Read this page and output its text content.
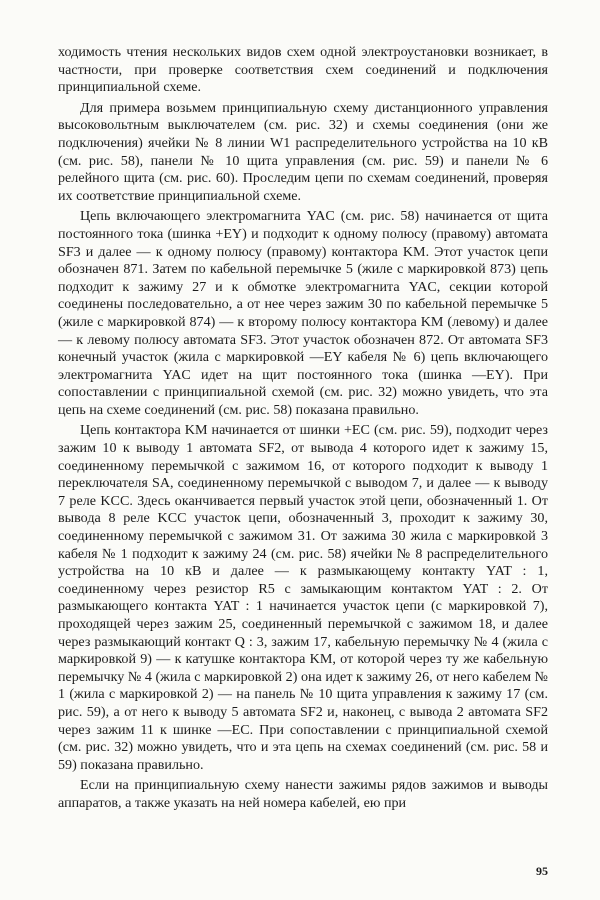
ходимость чтения нескольких видов схем одной электроустановки возникает, в частности, при проверке соответствия схем соединений и подключения принципиальной схеме.

Для примера возьмем принципиальную схему дистанционного управления высоковольтным выключателем (см. рис. 32) и схемы соединения (они же подключения) ячейки № 8 линии W1 распределительного устройства на 10 кВ (см. рис. 58), панели № 10 щита управления (см. рис. 59) и панели № 6 релейного щита (см. рис. 60). Проследим цепи по схемам соединений, проверяя их соответствие принципиальной схеме.

Цепь включающего электромагнита YAC (см. рис. 58) начинается от щита постоянного тока (шинка +EY) и подходит к одному полюсу (правому) автомата SF3 и далее — к одному полюсу (правому) контактора KM. Этот участок цепи обозначен 871. Затем по кабельной перемычке 5 (жиле с маркировкой 873) цепь подходит к зажиму 27 и к обмотке электромагнита YAC, секции которой соединены последовательно, а от нее через зажим 30 по кабельной перемычке 5 (жиле с маркировкой 874) — к второму полюсу контактора KM (левому) и далее — к левому полюсу автомата SF3. Этот участок обозначен 872. От автомата SF3 конечный участок (жила с маркировкой —EY кабеля № 6) цепь включающего электромагнита YAC идет на щит постоянного тока (шинка —EY). При сопоставлении с принципиальной схемой (см. рис. 32) можно увидеть, что эта цепь на схеме соединений (см. рис. 58) показана правильно.

Цепь контактора KM начинается от шинки +EC (см. рис. 59), подходит через зажим 10 к выводу 1 автомата SF2, от вывода 4 которого идет к зажиму 15, соединенному перемычкой с зажимом 16, от которого подходит к выводу 1 переключателя SA, соединенному перемычкой с выводом 7, и далее — к выводу 7 реле KCC. Здесь оканчивается первый участок этой цепи, обозначенный 1. От вывода 8 реле KCC участок цепи, обозначенный 3, проходит к зажиму 30, соединенному перемычкой с зажимом 31. От зажима 30 жила с маркировкой 3 кабеля № 1 подходит к зажиму 24 (см. рис. 58) ячейки № 8 распределительного устройства на 10 кВ и далее — к размыкающему контакту YAT : 1, соединенному через резистор R5 с замыкающим контактом YAT : 2. От размыкающего контакта YAT : 1 начинается участок цепи (с маркировкой 7), проходящей через зажим 25, соединенный перемычкой с зажимом 18, и далее через размыкающий контакт Q : 3, зажим 17, кабельную перемычку № 4 (жила с маркировкой 9) — к катушке контактора KM, от которой через ту же кабельную перемычку № 4 (жила с маркировкой 2) она идет к зажиму 26, от него кабелем № 1 (жила с маркировкой 2) — на панель № 10 щита управления к зажиму 17 (см. рис. 59), а от него к выводу 5 автомата SF2 и, наконец, с вывода 2 автомата SF2 через зажим 11 к шинке —EC. При сопоставлении с принципиальной схемой (см. рис. 32) можно увидеть, что и эта цепь на схемах соединений (см. рис. 58 и 59) показана правильно.

Если на принципиальную схему нанести зажимы рядов зажимов и выводы аппаратов, а также указать на ней номера кабелей, ею при

95
